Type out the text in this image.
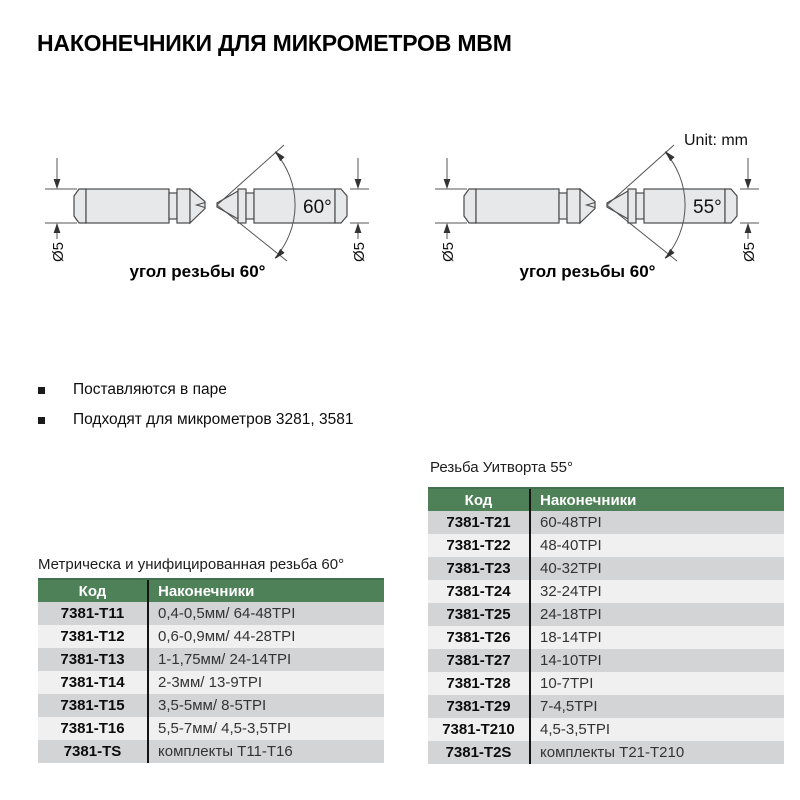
НАКОНЕЧНИКИ ДЛЯ МИКРОМЕТРОВ МВМ
Unit: mm
Ø5
60°
Ø5	Ø5
55°
Ø5
угол резьбы 60°	угол резьбы 60°
Поставляются в паре
Подходят для микрометров 3281, 3581
Резьба Уитворта 55°
Код	Наконечники
7381-T21	60-48TPI
7381-T22	48-40TPI
7381-T23	40-32TPI
7381-T24	32-24TPI
7381-T25	24-18TPI
7381-T26	18-14TPI
7381-T27	14-10TPI
7381-T28	10-7TPI
7381-T29	7-4,5TPI
7381-T210	4,5-3,5TPI
7381-T2S	комплекты Т21-Т210
Метрическа и унифицированная резьба 60°
Код	Наконечники
7381-T11	0,4-0,5мм/ 64-48TPI
7381-T12	0,6-0,9мм/ 44-28TPI
7381-T13	1-1,75мм/ 24-14TPI
7381-T14	2-3мм/ 13-9TPI
7381-T15	3,5-5мм/ 8-5TPI
7381-T16	5,5-7мм/ 4,5-3,5TPI
7381-TS	комплекты Т11-Т16
